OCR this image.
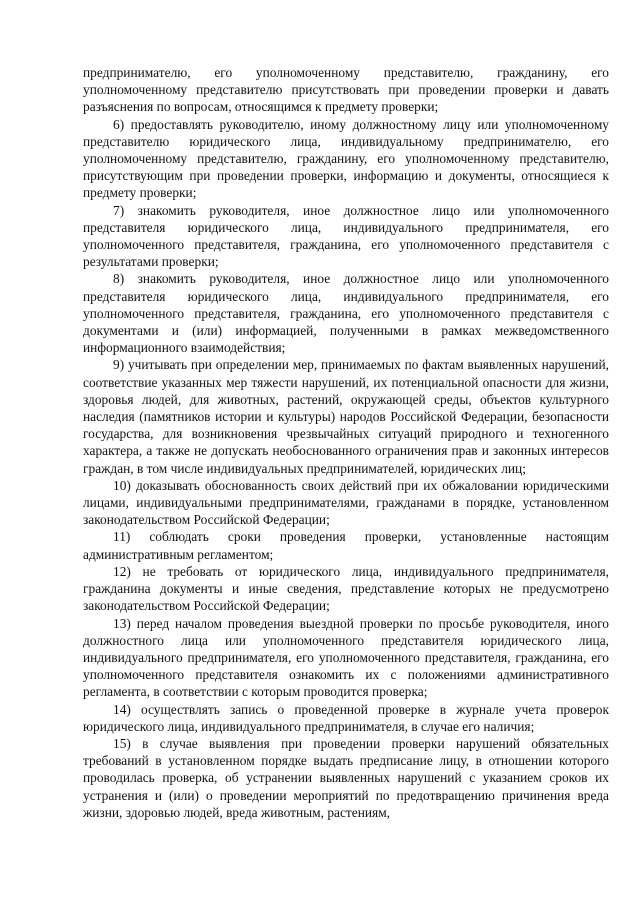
предпринимателю, его уполномоченному представителю, гражданину, его уполномоченному представителю присутствовать при проведении проверки и давать разъяснения по вопросам, относящимся к предмету проверки;

6) предоставлять руководителю, иному должностному лицу или уполномоченному представителю юридического лица, индивидуальному предпринимателю, его уполномоченному представителю, гражданину, его уполномоченному представителю, присутствующим при проведении проверки, информацию и документы, относящиеся к предмету проверки;

7) знакомить руководителя, иное должностное лицо или уполномоченного представителя юридического лица, индивидуального предпринимателя, его уполномоченного представителя, гражданина, его уполномоченного представителя с результатами проверки;

8) знакомить руководителя, иное должностное лицо или уполномоченного представителя юридического лица, индивидуального предпринимателя, его уполномоченного представителя, гражданина, его уполномоченного представителя с документами и (или) информацией, полученными в рамках межведомственного информационного взаимодействия;

9) учитывать при определении мер, принимаемых по фактам выявленных нарушений, соответствие указанных мер тяжести нарушений, их потенциальной опасности для жизни, здоровья людей, для животных, растений, окружающей среды, объектов культурного наследия (памятников истории и культуры) народов Российской Федерации, безопасности государства, для возникновения чрезвычайных ситуаций природного и техногенного характера, а также не допускать необоснованного ограничения прав и законных интересов граждан, в том числе индивидуальных предпринимателей, юридических лиц;

10) доказывать обоснованность своих действий при их обжаловании юридическими лицами, индивидуальными предпринимателями, гражданами в порядке, установленном законодательством Российской Федерации;

11) соблюдать сроки проведения проверки, установленные настоящим административным регламентом;

12) не требовать от юридического лица, индивидуального предпринимателя, гражданина документы и иные сведения, представление которых не предусмотрено законодательством Российской Федерации;

13) перед началом проведения выездной проверки по просьбе руководителя, иного должностного лица или уполномоченного представителя юридического лица, индивидуального предпринимателя, его уполномоченного представителя, гражданина, его уполномоченного представителя ознакомить их с положениями административного регламента, в соответствии с которым проводится проверка;

14) осуществлять запись о проведенной проверке в журнале учета проверок юридического лица, индивидуального предпринимателя, в случае его наличия;

15) в случае выявления при проведении проверки нарушений обязательных требований в установленном порядке выдать предписание лицу, в отношении которого проводилась проверка, об устранении выявленных нарушений с указанием сроков их устранения и (или) о проведении мероприятий по предотвращению причинения вреда жизни, здоровью людей, вреда животным, растениям,
